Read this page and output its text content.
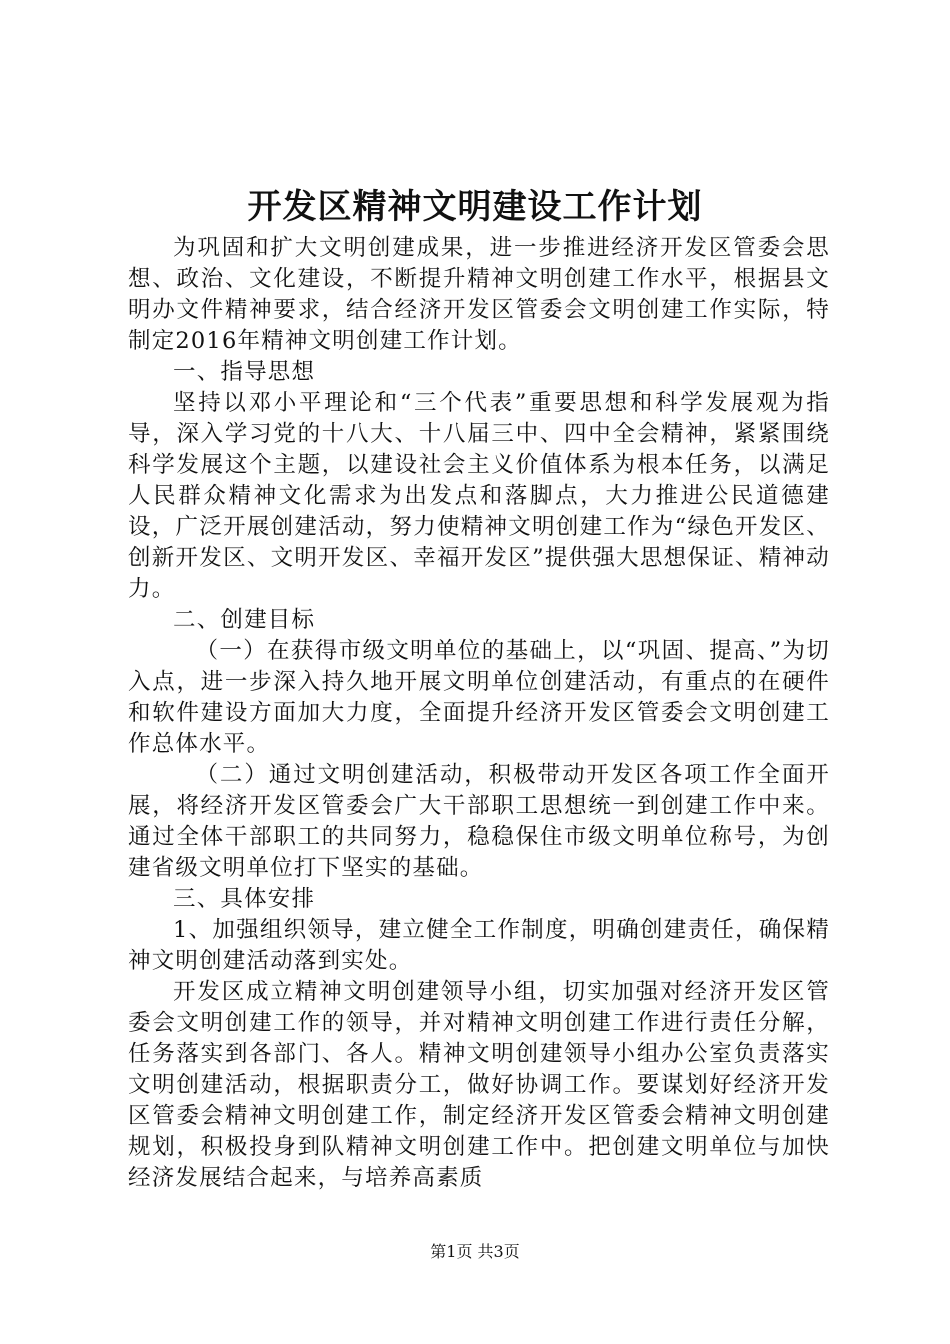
开发区精神文明建设工作计划

为巩固和扩大文明创建成果，进一步推进经济开发区管委会思想、政治、文化建设，不断提升精神文明创建工作水平，根据县文明办文件精神要求，结合经济开发区管委会文明创建工作实际，特制定2016年精神文明创建工作计划。

一、指导思想

坚持以邓小平理论和“三个代表”重要思想和科学发展观为指导，深入学习党的十八大、十八届三中、四中全会精神，紧紧围绕科学发展这个主题，以建设社会主义价值体系为根本任务，以满足人民群众精神文化需求为出发点和落脚点，大力推进公民道德建设，广泛开展创建活动，努力使精神文明创建工作为“绿色开发区、创新开发区、文明开发区、幸福开发区”提供强大思想保证、精神动力。

二、创建目标

（一）在获得市级文明单位的基础上，以“巩固、提高、”为切入点，进一步深入持久地开展文明单位创建活动，有重点的在硬件和软件建设方面加大力度，全面提升经济开发区管委会文明创建工作总体水平。

（二）通过文明创建活动，积极带动开发区各项工作全面开展，将经济开发区管委会广大干部职工思想统一到创建工作中来。通过全体干部职工的共同努力，稳稳保住市级文明单位称号，为创建省级文明单位打下坚实的基础。

三、具体安排

1、加强组织领导，建立健全工作制度，明确创建责任，确保精神文明创建活动落到实处。

开发区成立精神文明创建领导小组，切实加强对经济开发区管委会文明创建工作的领导，并对精神文明创建工作进行责任分解，任务落实到各部门、各人。精神文明创建领导小组办公室负责落实文明创建活动，根据职责分工，做好协调工作。要谋划好经济开发区管委会精神文明创建工作，制定经济开发区管委会精神文明创建规划，积极投身到队精神文明创建工作中。把创建文明单位与加快经济发展结合起来，与培养高素质

第1页 共3页
